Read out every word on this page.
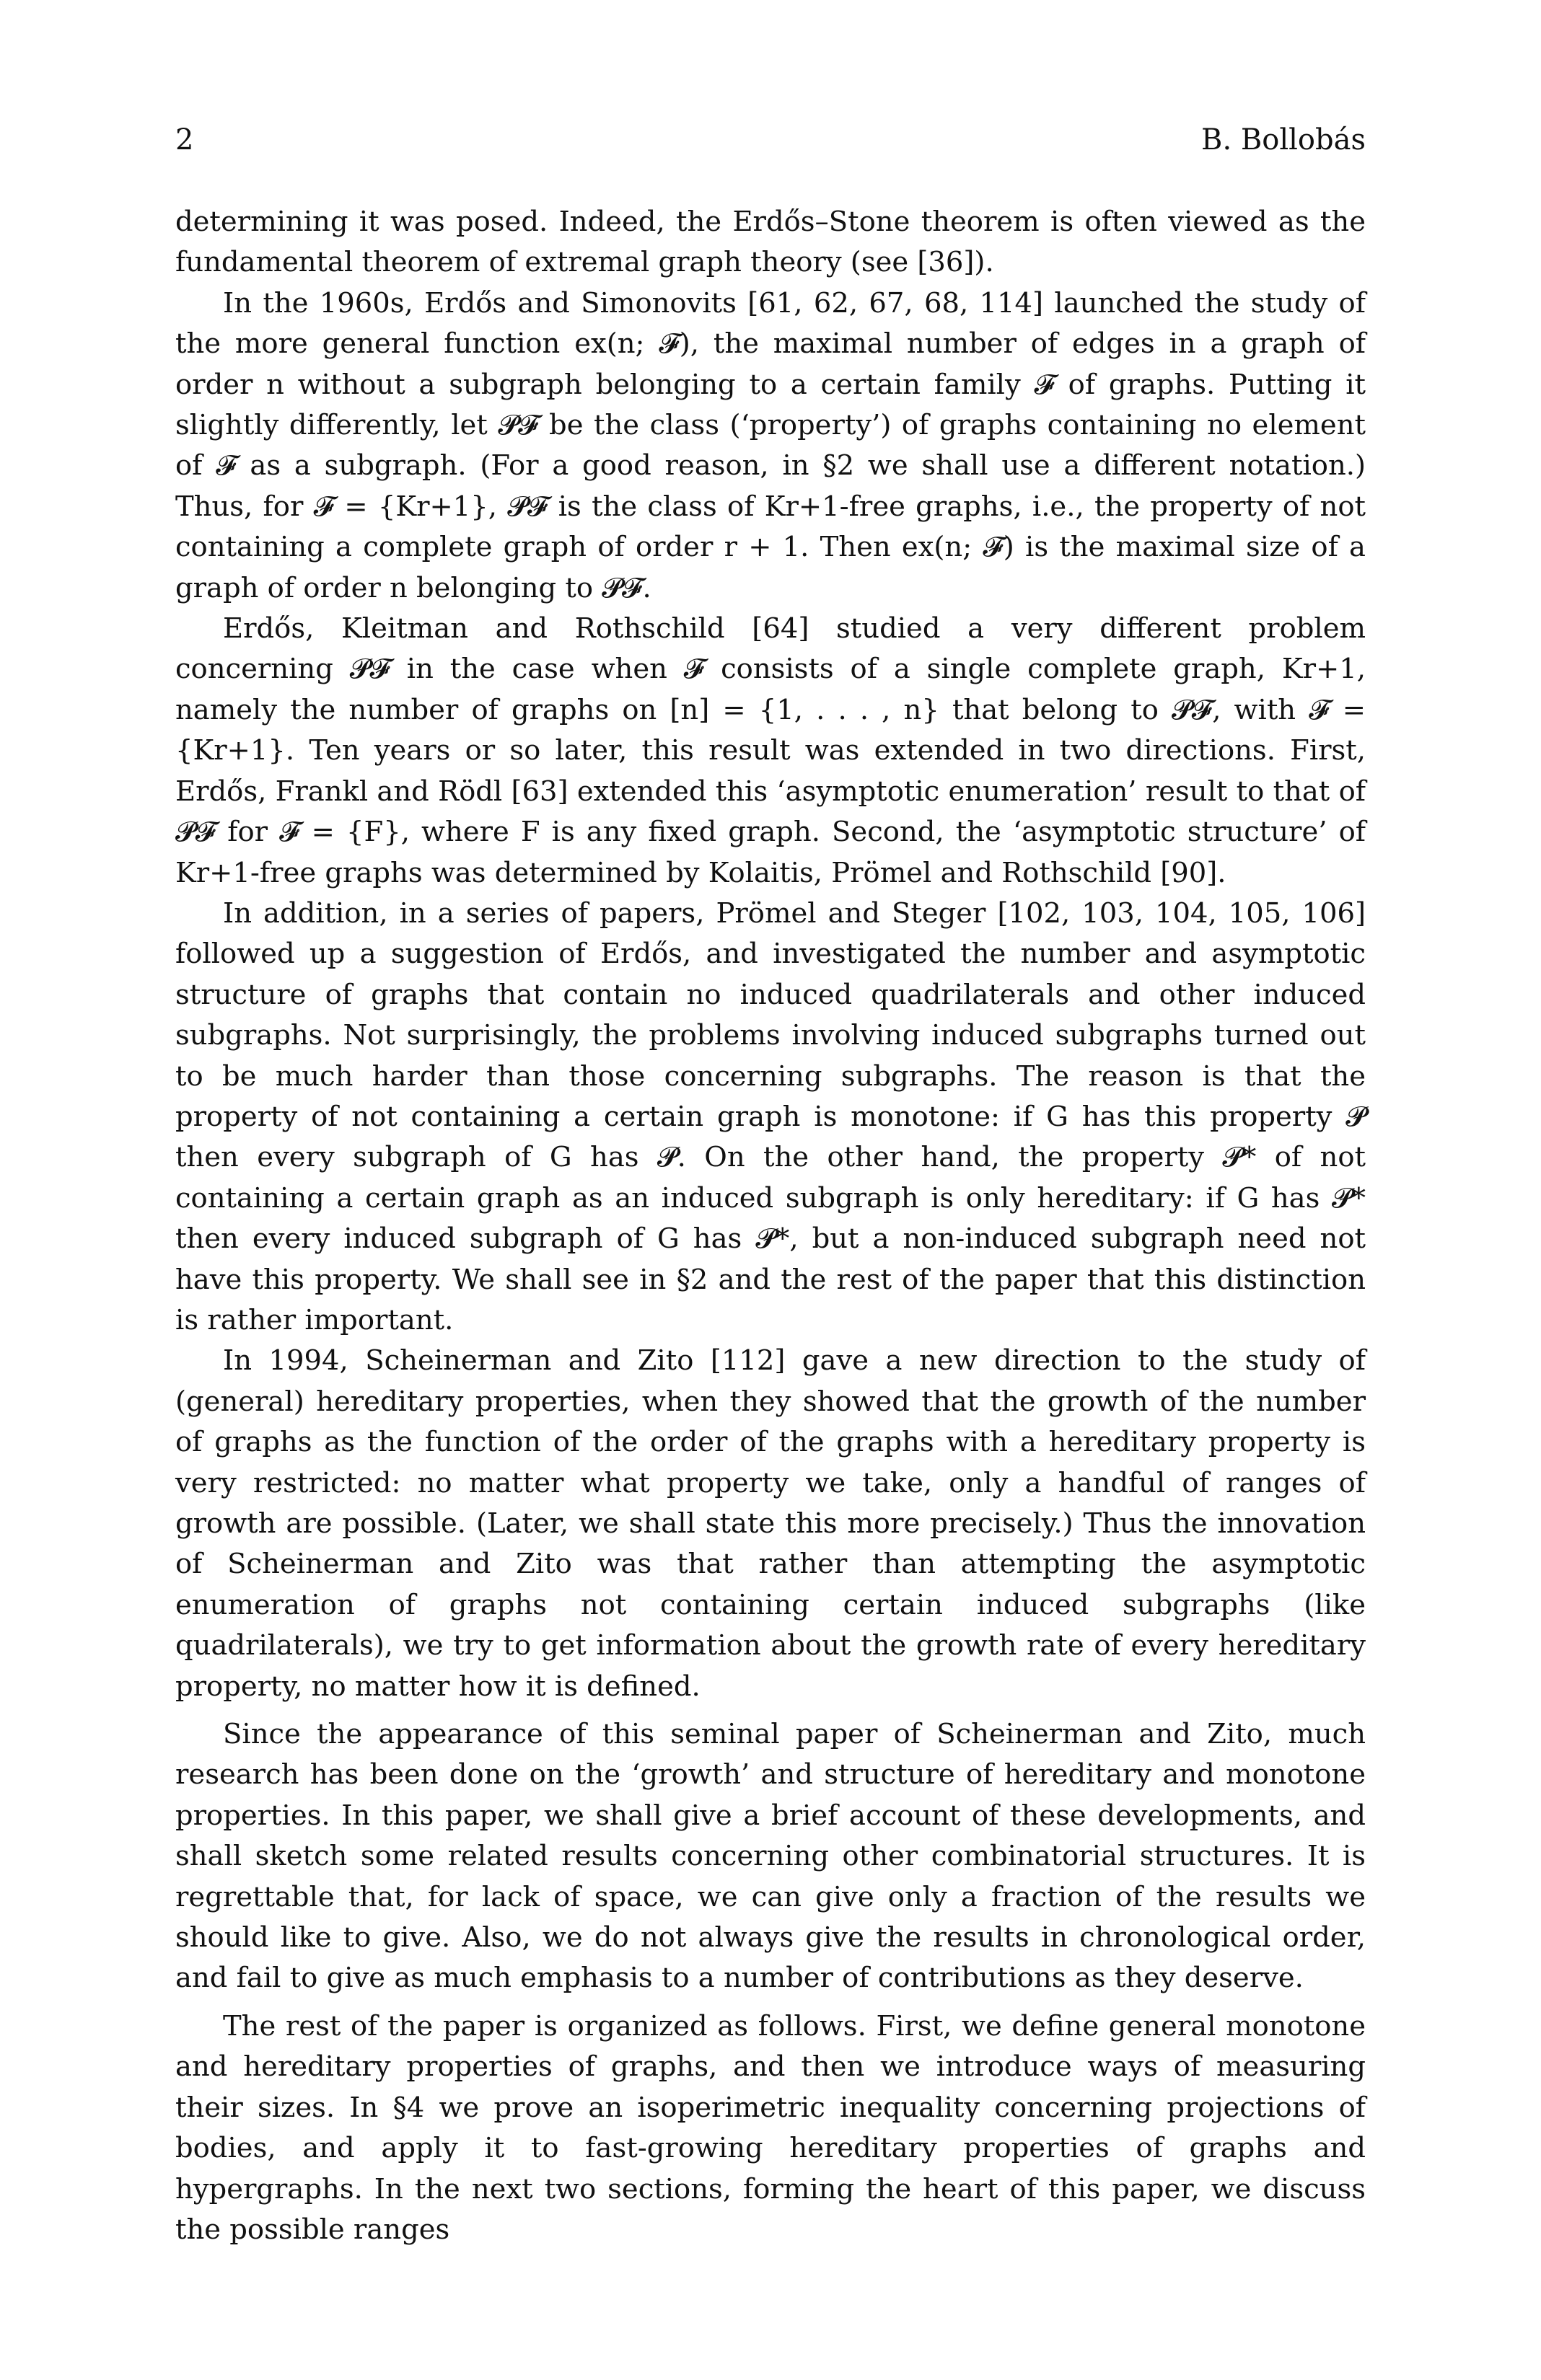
2	B. Bollobás

determining it was posed. Indeed, the Erdős–Stone theorem is often viewed as the fundamental theorem of extremal graph theory (see [36]).

In the 1960s, Erdős and Simonovits [61, 62, 67, 68, 114] launched the study of the more general function ex(n; 𝓕), the maximal number of edges in a graph of order n without a subgraph belonging to a certain family 𝓕 of graphs. Putting it slightly differently, let 𝓟𝓕 be the class (‘property’) of graphs containing no element of 𝓕 as a subgraph. (For a good reason, in §2 we shall use a different notation.) Thus, for 𝓕 = {Kr+1}, 𝓟𝓕 is the class of Kr+1-free graphs, i.e., the property of not containing a complete graph of order r + 1. Then ex(n; 𝓕) is the maximal size of a graph of order n belonging to 𝓟𝓕.

Erdős, Kleitman and Rothschild [64] studied a very different problem concerning 𝓟𝓕 in the case when 𝓕 consists of a single complete graph, Kr+1, namely the number of graphs on [n] = {1, . . . , n} that belong to 𝓟𝓕, with 𝓕 = {Kr+1}. Ten years or so later, this result was extended in two directions. First, Erdős, Frankl and Rödl [63] extended this ‘asymptotic enumeration’ result to that of 𝓟𝓕 for 𝓕 = {F}, where F is any fixed graph. Second, the ‘asymptotic structure’ of Kr+1-free graphs was determined by Kolaitis, Prömel and Rothschild [90].

In addition, in a series of papers, Prömel and Steger [102, 103, 104, 105, 106] followed up a suggestion of Erdős, and investigated the number and asymptotic structure of graphs that contain no induced quadrilaterals and other induced subgraphs. Not surprisingly, the problems involving induced subgraphs turned out to be much harder than those concerning subgraphs. The reason is that the property of not containing a certain graph is monotone: if G has this property 𝓟 then every subgraph of G has 𝓟. On the other hand, the property 𝓟* of not containing a certain graph as an induced subgraph is only hereditary: if G has 𝓟* then every induced subgraph of G has 𝓟*, but a non-induced subgraph need not have this property. We shall see in §2 and the rest of the paper that this distinction is rather important.

In 1994, Scheinerman and Zito [112] gave a new direction to the study of (general) hereditary properties, when they showed that the growth of the number of graphs as the function of the order of the graphs with a hereditary property is very restricted: no matter what property we take, only a handful of ranges of growth are possible. (Later, we shall state this more precisely.) Thus the innovation of Scheinerman and Zito was that rather than attempting the asymptotic enumeration of graphs not containing certain induced subgraphs (like quadrilaterals), we try to get information about the growth rate of every hereditary property, no matter how it is defined.

Since the appearance of this seminal paper of Scheinerman and Zito, much research has been done on the ‘growth’ and structure of hereditary and monotone properties. In this paper, we shall give a brief account of these developments, and shall sketch some related results concerning other combinatorial structures. It is regrettable that, for lack of space, we can give only a fraction of the results we should like to give. Also, we do not always give the results in chronological order, and fail to give as much emphasis to a number of contributions as they deserve.

The rest of the paper is organized as follows. First, we define general monotone and hereditary properties of graphs, and then we introduce ways of measuring their sizes. In §4 we prove an isoperimetric inequality concerning projections of bodies, and apply it to fast-growing hereditary properties of graphs and hypergraphs. In the next two sections, forming the heart of this paper, we discuss the possible ranges
